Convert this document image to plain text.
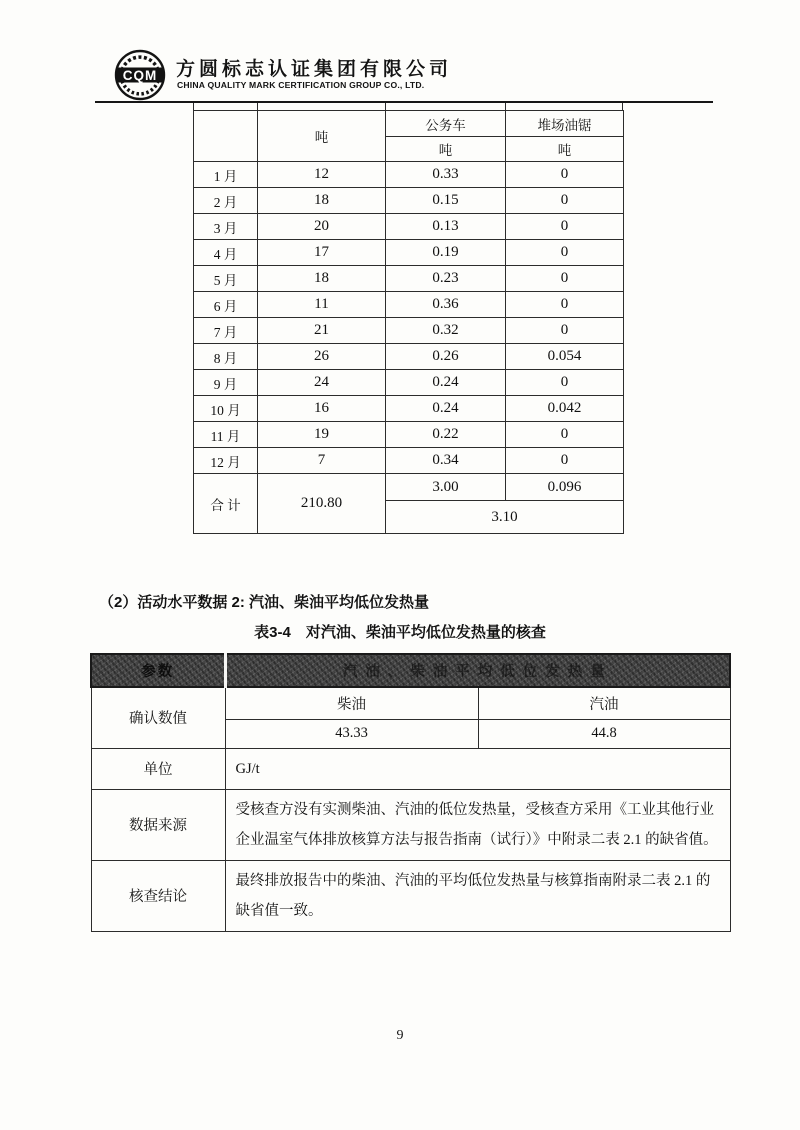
CQM 方圆标志认证集团有限公司
CHINA QUALITY MARK CERTIFICATION GROUP CO., LTD.
	吨	公务车	堆场油锯
		吨	吨
1 月	12	0.33	0
2 月	18	0.15	0
3 月	20	0.13	0
4 月	17	0.19	0
5 月	18	0.23	0
6 月	11	0.36	0
7 月	21	0.32	0
8 月	26	0.26	0.054
9 月	24	0.24	0
10 月	16	0.24	0.042
11 月	19	0.22	0
12 月	7	0.34	0
合 计	210.80	3.00	0.096
		3.10	
（2）活动水平数据 2: 汽油、柴油平均低位发热量
表3-4　对汽油、柴油平均低位发热量的核查
参数	汽油、柴油平均低位发热量	
确认数值	柴油	汽油
	43.33	44.8
单位	GJ/t	
数据来源	受核查方没有实测柴油、汽油的低位发热量，受核查方采用《工业其他行业企业温室气体排放核算方法与报告指南（试行）》中附录二表 2.1 的缺省值。	
核查结论	最终排放报告中的柴油、汽油的平均低位发热量与核算指南附录二表 2.1 的缺省值一致。	
9
